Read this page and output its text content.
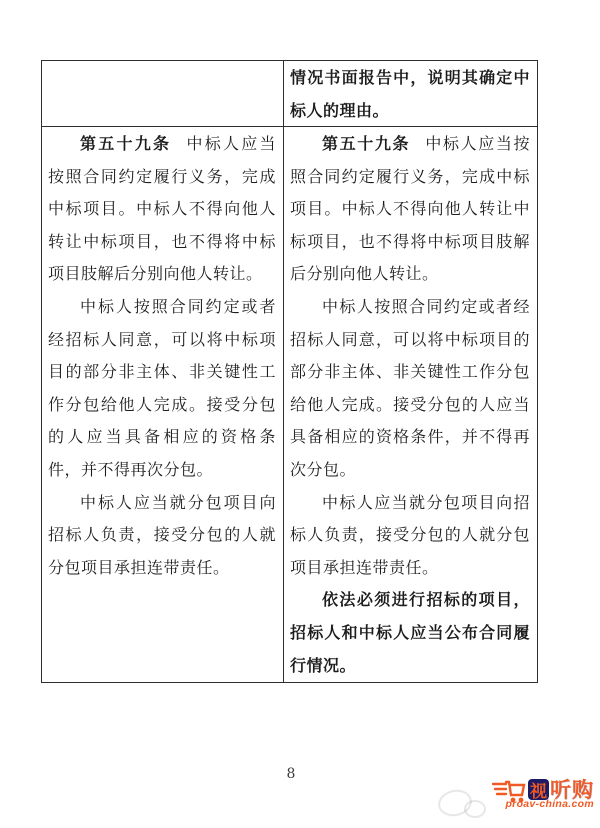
情况书面报告中，说明其确定中标人的理由。

第五十九条 中标人应当按照合同约定履行义务，完成中标项目。中标人不得向他人转让中标项目，也不得将中标项目肢解后分别向他人转让。

中标人按照合同约定或者经招标人同意，可以将中标项目的部分非主体、非关键性工作分包给他人完成。接受分包的人应当具备相应的资格条件，并不得再次分包。

中标人应当就分包项目向招标人负责，接受分包的人就分包项目承担连带责任。

第五十九条 中标人应当按照合同约定履行义务，完成中标项目。中标人不得向他人转让中标项目，也不得将中标项目肢解后分别向他人转让。

中标人按照合同约定或者经招标人同意，可以将中标项目的部分非主体、非关键性工作分包给他人完成。接受分包的人应当具备相应的资格条件，并不得再次分包。

中标人应当就分包项目向招标人负责，接受分包的人就分包项目承担连带责任。

依法必须进行招标的项目，招标人和中标人应当公布合同履行情况。

8
视 听购
proav-china.com
